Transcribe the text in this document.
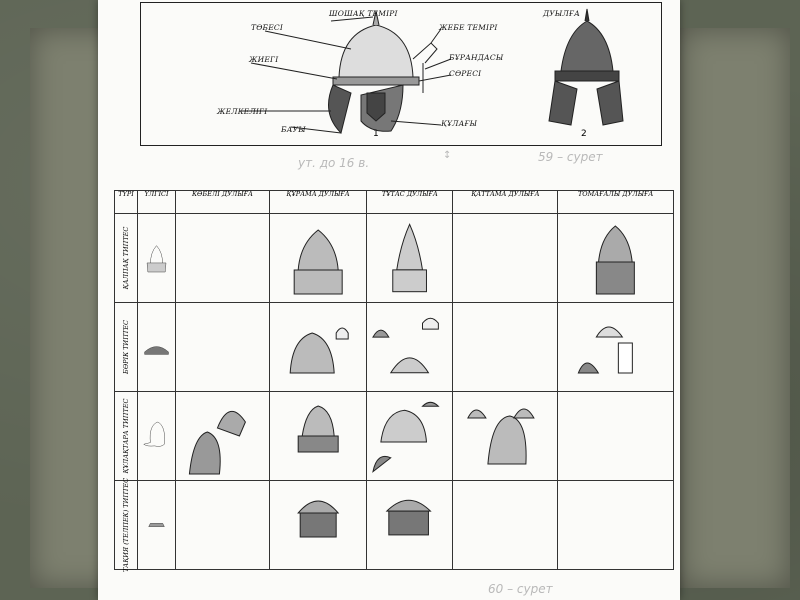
ШОШАҚ ТЕМІРІ
ТӨБЕСІ
ЖИЕГІ
ЖЕЛКЕЛІГІ
БАУЫ
ЖЕБЕ ТЕМІРІ
БҰРАНДАСЫ
СӨРЕСІ
ҚҰЛАҒЫ
ДУЫЛҒА
1	2
ут. до 16 в.
↕	59 – сурет
60 – сурет
ТҮРІ	ҮЛГІСІ	КӨБЕЛІ ДУЛЫҒА	ҚҰРАМА ДУЛЫҒА	ТҰТАС ДУЛЫҒА	ҚАТТАМА ДУЛЫҒА	ТОМАҒАЛЫ ДУЛЫҒА

ҚАЛПАҚ ТИПТЕС

БӨРІК ТИПТЕС

ҚҰЛАҚТАРА ТИПТЕС

ТАҚИЯ (ТЕЛПЕК) ТИПТЕС
